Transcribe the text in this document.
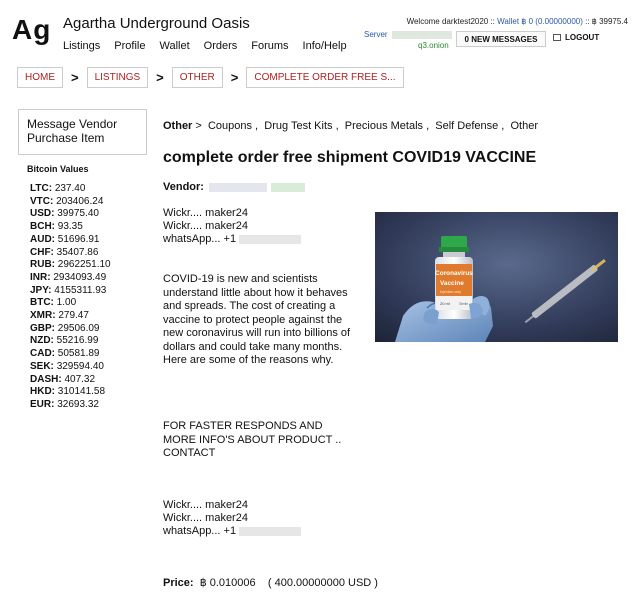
Ag Agartha Underground Oasis
Listings Profile Wallet Orders Forums Info/Help
Welcome darktest2020 :: Wallet ฿ 0 (0.00000000) :: ฿ 39975.4
Server
q3.onion
0 NEW MESSAGES	LOGOUT
HOME	>	LISTINGS	>	OTHER	>	COMPLETE ORDER FREE S...
Message Vendor
Purchase Item
Bitcoin Values
LTC: 237.40
VTC: 203406.24
USD: 39975.40
BCH: 93.35
AUD: 51696.91
CHF: 35407.86
RUB: 2962251.10
INR: 2934093.49
JPY: 4155311.93
BTC: 1.00
XMR: 279.47
GBP: 29506.09
NZD: 55216.99
CAD: 50581.89
SEK: 329594.40
DASH: 407.32
HKD: 310141.58
EUR: 32693.32
Other > Coupons , Drug Test Kits , Precious Metals , Self Defense , Other
complete order free shipment COVID19 VACCINE
Vendor:
Wickr.... maker24
Wickr.... maker24
whatsApp... +1
COVID-19 is new and scientists understand little about how it behaves and spreads. The cost of creating a vaccine to protect people against the new coronavirus will run into billions of dollars and could take many months. Here are some of the reasons why.
FOR FASTER RESPONDS AND
MORE INFO'S ABOUT PRODUCT ..
CONTACT
Wickr.... maker24
Wickr.... maker24
whatsApp... +1
Price: ฿ 0.010006 ( 400.00000000 USD )
Coronavirus
Vaccine
Injection only
20 ml	Sterile
